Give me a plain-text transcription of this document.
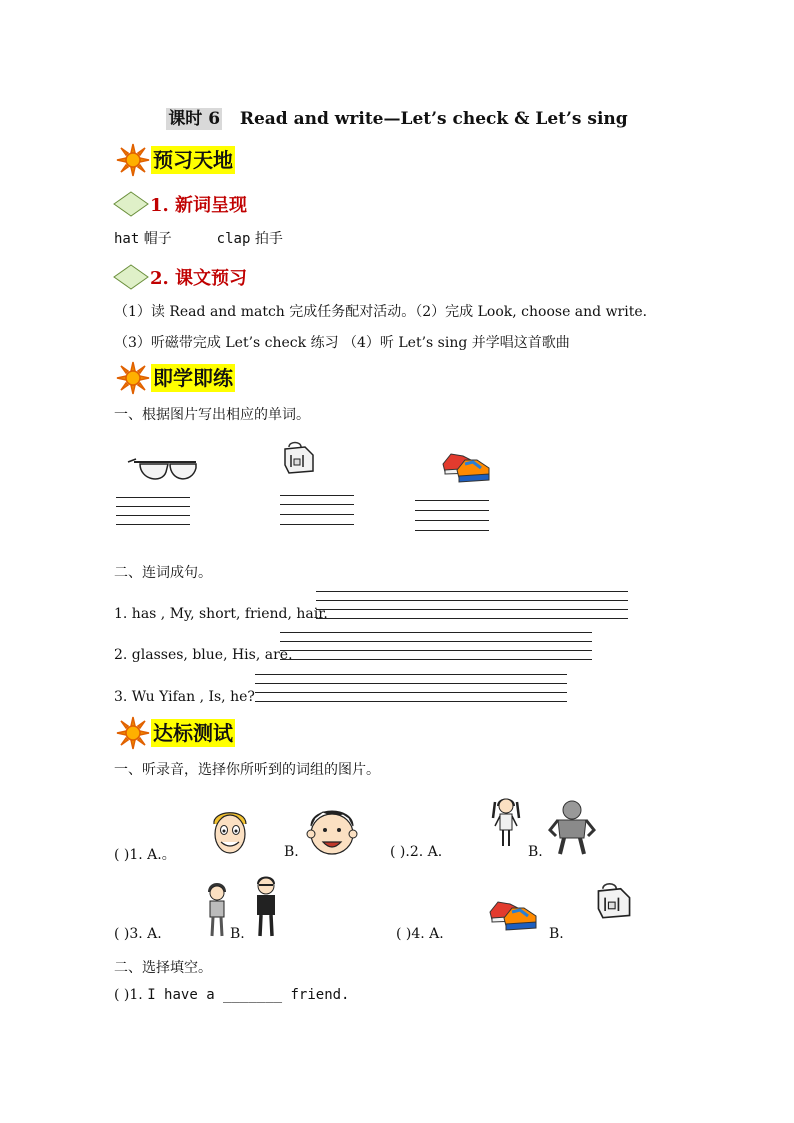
课时 6 Read and write—Let’s check & Let’s sing
预习天地
1. 新词呈现
hat 帽子	clap 拍手
2. 课文预习
（1）读 Read and match 完成任务配对活动。（2）完成 Look, choose and write．
（3）听磁带完成 Let’s check 练习 （4）听 Let’s sing 并学唱这首歌曲
即学即练
一、根据图片写出相应的单词。
二、连词成句。
1. has , My, short, friend, hair.
2. glasses, blue, His, are.
3. Wu Yifan , Is, he?
达标测试
一、听录音，选择你所听到的词组的图片。
( )1. A.。	B.	( ).2. A.	B.
( )3. A.	B.	( )4. A.	B.
二、选择填空。
( )1. I have a _______ friend.
